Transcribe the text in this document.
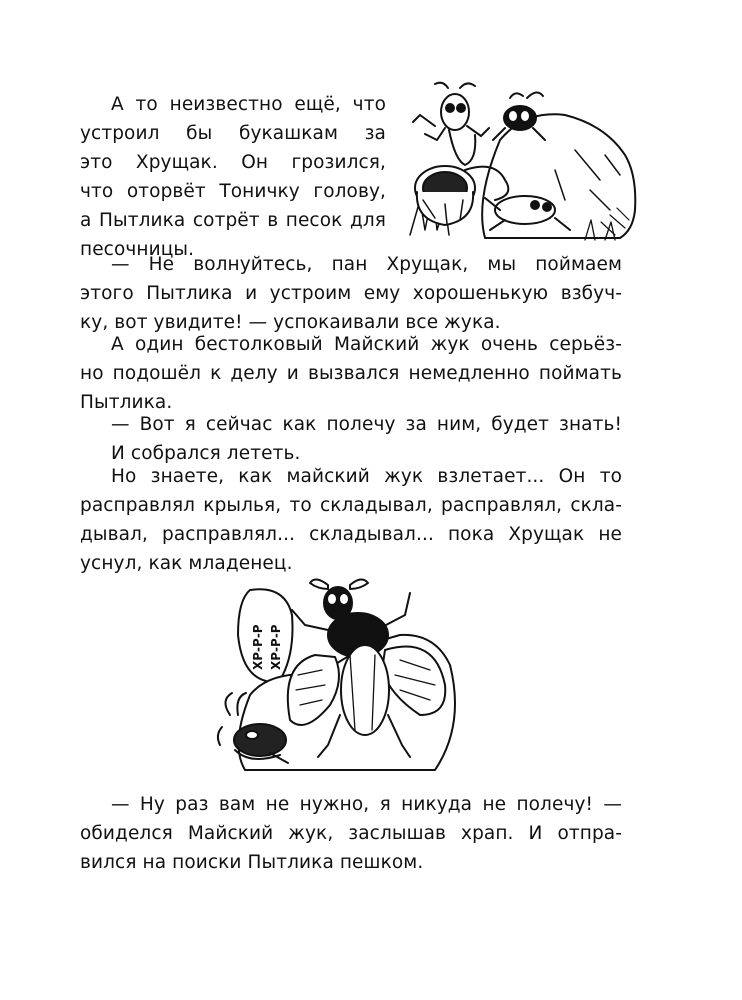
А то неизвестно ещё, что
устроил бы букашкам за
это Хрущак. Он грозился,
что оторвёт Тоничку голову,
а Пытлика сотрёт в песок для
песочницы.

— Не волнуйтесь, пан Хрущак, мы поймаем
этого Пытлика и устроим ему хорошенькую взбуч-
ку, вот увидите! — успокаивали все жука.

А один бестолковый Майский жук очень серьёз-
но подошёл к делу и вызвался немедленно поймать
Пытлика.

— Вот я сейчас как полечу за ним, будет знать!
И собрался лететь.

Но знаете, как майский жук взлетает... Он то
расправлял крылья, то складывал, расправлял, скла-
дывал, расправлял... складывал... пока Хрущак не
уснул, как младенец.

— Ну раз вам не нужно, я никуда не полечу! —
обиделся Майский жук, заслышав храп. И отпра-
вился на поиски Пытлика пешком.

ХР-Р-Р ХР-Р-Р
